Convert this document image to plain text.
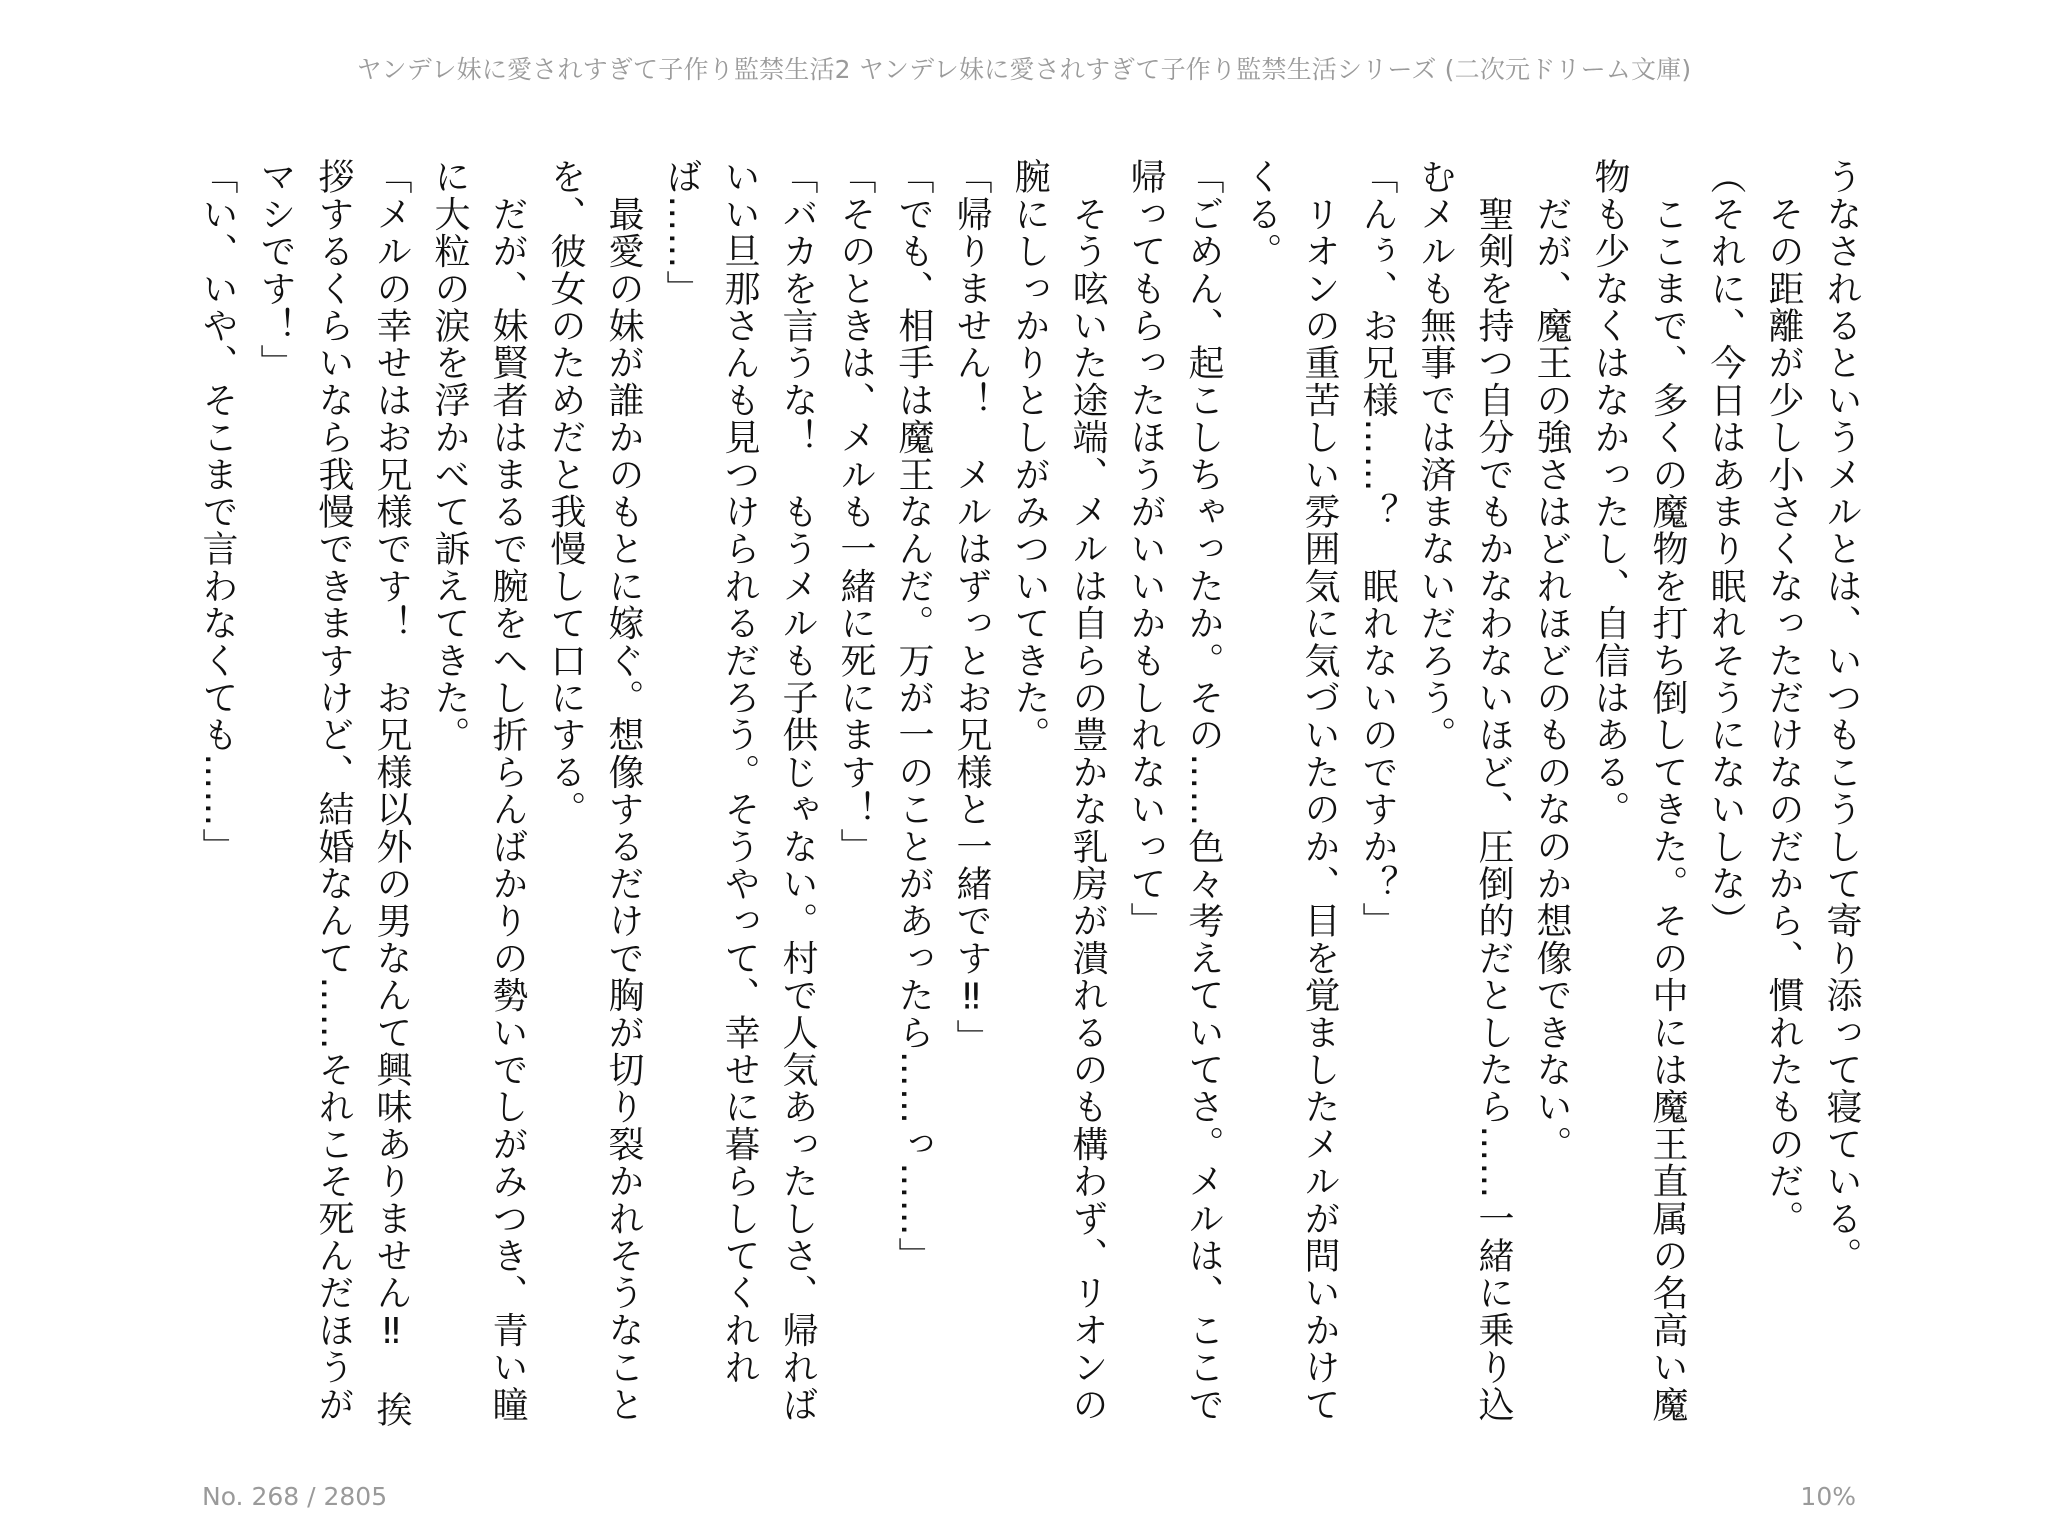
ヤンデレ妹に愛されすぎて子作り監禁生活2 ヤンデレ妹に愛されすぎて子作り監禁生活シリーズ (二次元ドリーム文庫)

うなされるというメルとは、いつもこうして寄り添って寝ている。

　その距離が少し小さくなっただけなのだから、慣れたものだ。

（それに、今日はあまり眠れそうにないしな）

　ここまで、多くの魔物を打ち倒してきた。その中には魔王直属の名高い魔物も少なくはなかったし、自信はある。

　だが、魔王の強さはどれほどのものなのか想像できない。

　聖剣を持つ自分でもかなわないほど、圧倒的だとしたら……一緒に乗り込むメルも無事では済まないだろう。

「んぅ、お兄様……？　眠れないのですか？」

　リオンの重苦しい雰囲気に気づいたのか、目を覚ましたメルが問いかけてくる。

「ごめん、起こしちゃったか。その……色々考えていてさ。メルは、ここで帰ってもらったほうがいいかもしれないって」

　そう呟いた途端、メルは自らの豊かな乳房が潰れるのも構わず、リオンの腕にしっかりとしがみついてきた。

「帰りません！　メルはずっとお兄様と一緒です‼」

「でも、相手は魔王なんだ。万が一のことがあったら……っ……」

「そのときは、メルも一緒に死にます！」

「バカを言うな！　もうメルも子供じゃない。村で人気あったしさ、帰ればいい旦那さんも見つけられるだろう。そうやって、幸せに暮らしてくれれば……」

　最愛の妹が誰かのもとに嫁ぐ。想像するだけで胸が切り裂かれそうなことを、彼女のためだと我慢して口にする。

　だが、妹賢者はまるで腕をへし折らんばかりの勢いでしがみつき、青い瞳に大粒の涙を浮かべて訴えてきた。

「メルの幸せはお兄様です！　お兄様以外の男なんて興味ありません‼　挨拶するくらいなら我慢できますけど、結婚なんて……それこそ死んだほうがマシです！」

「い、いや、そこまで言わなくても……」

No. 268 / 2805	10%
